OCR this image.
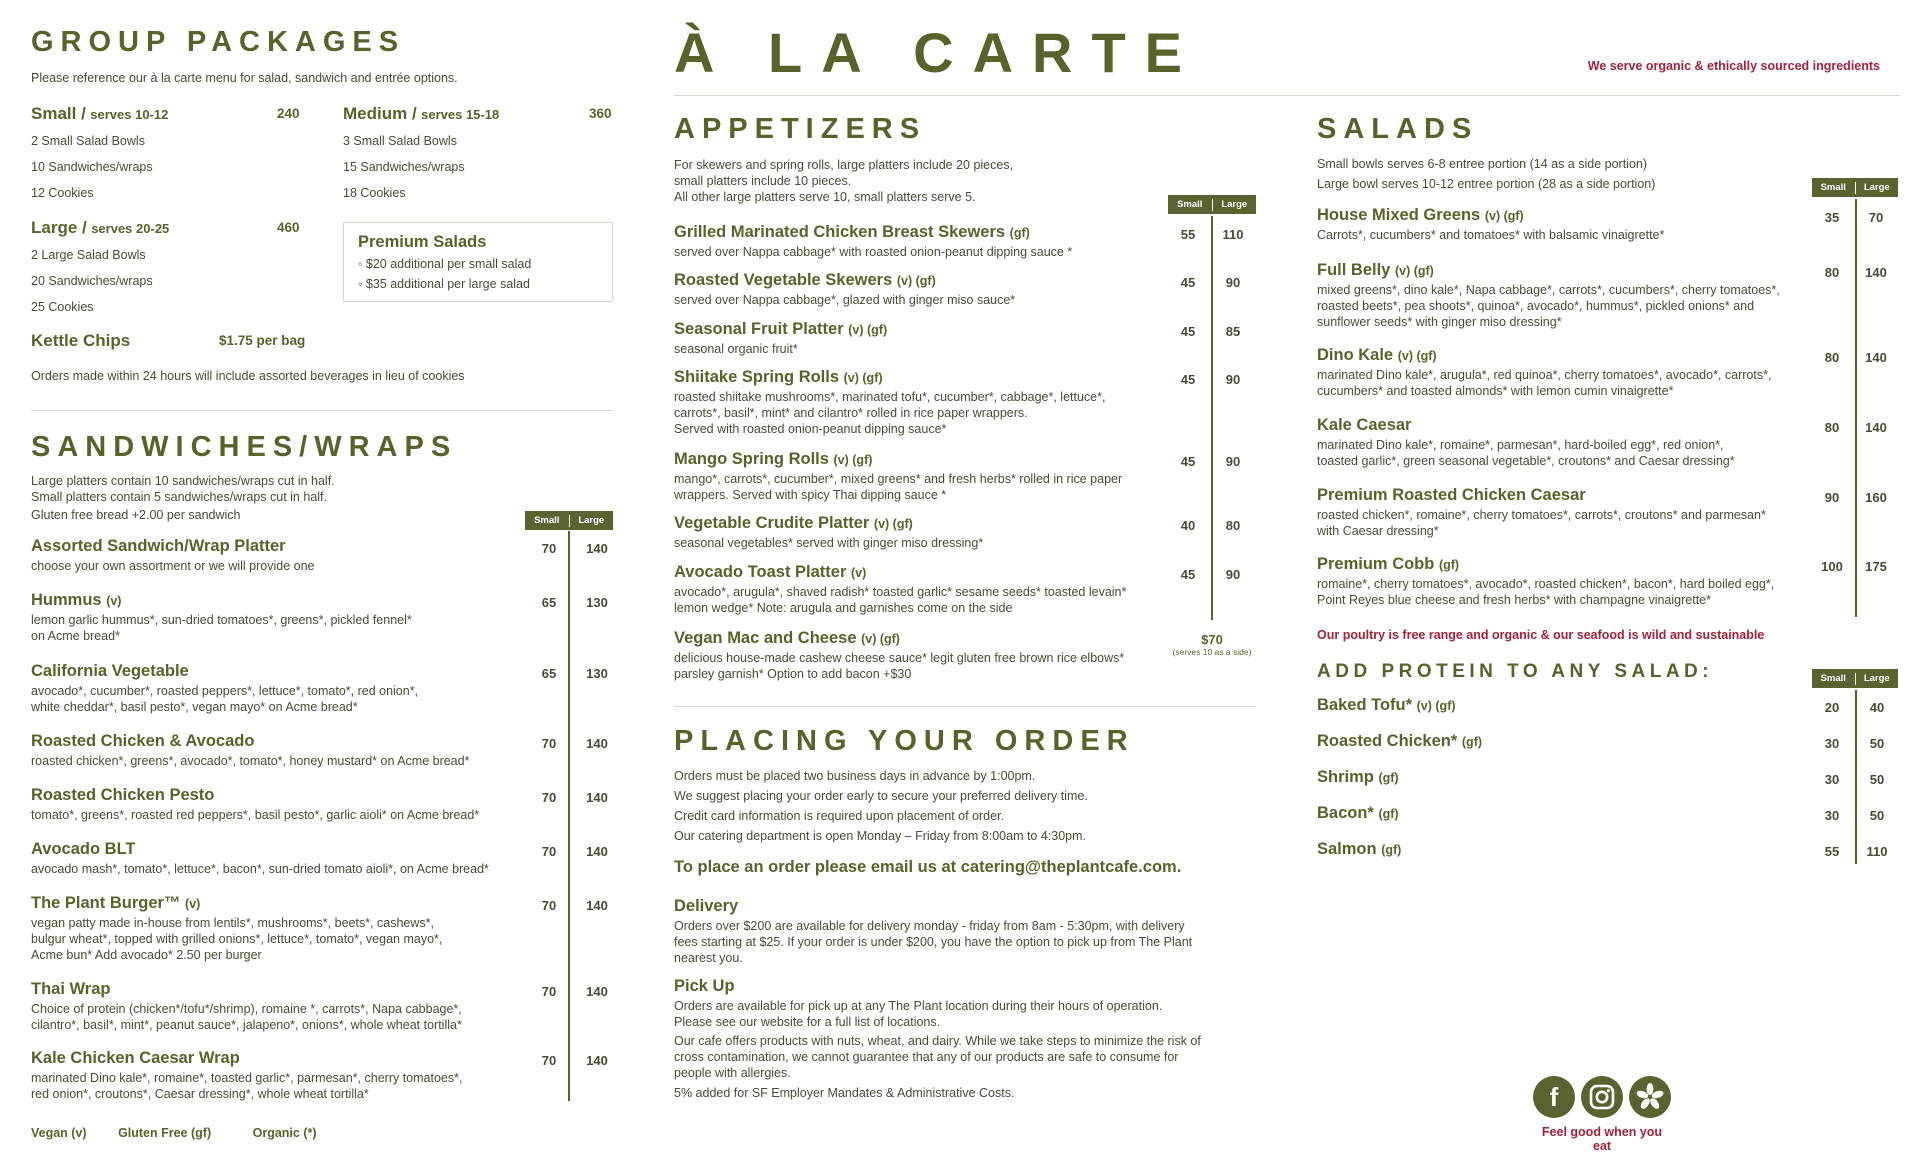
GROUP PACKAGES
Please reference our à la carte menu for salad, sandwich and entrée options.
Small / serves 10-12	240
2 Small Salad Bowls
10 Sandwiches/wraps
12 Cookies
Medium / serves 15-18	360
3 Small Salad Bowls
15 Sandwiches/wraps
18 Cookies
Large / serves 20-25	460
2 Large Salad Bowls
20 Sandwiches/wraps
25 Cookies
Premium Salads
◦ $20 additional per small salad
◦ $35 additional per large salad
Kettle Chips	$1.75 per bag
Orders made within 24 hours will include assorted beverages in lieu of cookies
SANDWICHES/WRAPS
Large platters contain 10 sandwiches/wraps cut in half.
Small platters contain 5 sandwiches/wraps cut in half.
Gluten free bread +2.00 per sandwich	Small	Large
Assorted Sandwich/Wrap Platter
choose your own assortment or we will provide one
70	140
Hummus (v)
lemon garlic hummus*, sun-dried tomatoes*, greens*, pickled fennel*
on Acme bread*
65	130
California Vegetable
avocado*, cucumber*, roasted peppers*, lettuce*, tomato*, red onion*,
white cheddar*, basil pesto*, vegan mayo* on Acme bread*
65	130
Roasted Chicken & Avocado
roasted chicken*, greens*, avocado*, tomato*, honey mustard* on Acme bread*
70	140
Roasted Chicken Pesto
tomato*, greens*, roasted red peppers*, basil pesto*, garlic aioli* on Acme bread*
70	140
Avocado BLT
avocado mash*, tomato*, lettuce*, bacon*, sun-dried tomato aioli*, on Acme bread*
70	140
The Plant Burger™ (v)
vegan patty made in-house from lentils*, mushrooms*, beets*, cashews*,
bulgur wheat*, topped with grilled onions*, lettuce*, tomato*, vegan mayo*,
Acme bun* Add avocado* 2.50 per burger
70	140
Thai Wrap
Choice of protein (chicken*/tofu*/shrimp), romaine *, carrots*, Napa cabbage*,
cilantro*, basil*, mint*, peanut sauce*, jalapeno*, onions*, whole wheat tortilla*
70	140
Kale Chicken Caesar Wrap
marinated Dino kale*, romaine*, toasted garlic*, parmesan*, cherry tomatoes*,
red onion*, croutons*, Caesar dressing*, whole wheat tortilla*
70	140
Vegan (v)	Gluten Free (gf)	Organic (*)
À LA CARTE
APPETIZERS
For skewers and spring rolls, large platters include 20 pieces,
small platters include 10 pieces.
All other large platters serve 10, small platters serve 5.
Small	Large
Grilled Marinated Chicken Breast Skewers (gf)
served over Nappa cabbage* with roasted onion-peanut dipping sauce *
55	110
Roasted Vegetable Skewers (v) (gf)
served over Nappa cabbage*, glazed with ginger miso sauce*
45	90
Seasonal Fruit Platter (v) (gf)
seasonal organic fruit*
45	85
Shiitake Spring Rolls (v) (gf)
roasted shiitake mushrooms*, marinated tofu*, cucumber*, cabbage*, lettuce*,
carrots*, basil*, mint* and cilantro* rolled in rice paper wrappers.
Served with roasted onion-peanut dipping sauce*
45	90
Mango Spring Rolls (v) (gf)
mango*, carrots*, cucumber*, mixed greens* and fresh herbs* rolled in rice paper
wrappers. Served with spicy Thai dipping sauce *
45	90
Vegetable Crudite Platter (v) (gf)
seasonal vegetables* served with ginger miso dressing*
40	80
Avocado Toast Platter (v)
avocado*, arugula*, shaved radish* toasted garlic* sesame seeds* toasted levain*
lemon wedge* Note: arugula and garnishes come on the side
45	90
Vegan Mac and Cheese (v) (gf)
delicious house-made cashew cheese sauce* legit gluten free brown rice elbows*
parsley garnish* Option to add bacon +$30
$70
(serves 10 as a side)
PLACING YOUR ORDER
Orders must be placed two business days in advance by 1:00pm.
We suggest placing your order early to secure your preferred delivery time.
Credit card information is required upon placement of order.
Our catering department is open Monday – Friday from 8:00am to 4:30pm.
To place an order please email us at catering@theplantcafe.com.
Delivery
Orders over $200 are available for delivery monday - friday from 8am - 5:30pm, with delivery
fees starting at $25. If your order is under $200, you have the option to pick up from The Plant
nearest you.
Pick Up
Orders are available for pick up at any The Plant location during their hours of operation.
Please see our website for a full list of locations.
Our cafe offers products with nuts, wheat, and dairy. While we take steps to minimize the risk of
cross contamination, we cannot guarantee that any of our products are safe to consume for
people with allergies.
5% added for SF Employer Mandates & Administrative Costs.
We serve organic & ethically sourced ingredients
SALADS
Small bowls serves 6-8 entree portion (14 as a side portion)
Large bowl serves 10-12 entree portion (28 as a side portion)	Small	Large
House Mixed Greens (v) (gf)
Carrots*, cucumbers* and tomatoes* with balsamic vinaigrette*
35	70
Full Belly (v) (gf)
mixed greens*, dino kale*, Napa cabbage*, carrots*, cucumbers*, cherry tomatoes*,
roasted beets*, pea shoots*, quinoa*, avocado*, hummus*, pickled onions* and
sunflower seeds* with ginger miso dressing*
80	140
Dino Kale (v) (gf)
marinated Dino kale*, arugula*, red quinoa*, cherry tomatoes*, avocado*, carrots*,
cucumbers* and toasted almonds* with lemon cumin vinaigrette*
80	140
Kale Caesar
marinated Dino kale*, romaine*, parmesan*, hard-boiled egg*, red onion*,
toasted garlic*, green seasonal vegetable*, croutons* and Caesar dressing*
80	140
Premium Roasted Chicken Caesar
roasted chicken*, romaine*, cherry tomatoes*, carrots*, croutons* and parmesan*
with Caesar dressing*
90	160
Premium Cobb (gf)
romaine*, cherry tomatoes*, avocado*, roasted chicken*, bacon*, hard boiled egg*,
Point Reyes blue cheese and fresh herbs* with champagne vinaigrette*
100	175
Our poultry is free range and organic & our seafood is wild and sustainable
ADD PROTEIN TO ANY SALAD:	Small	Large
Baked Tofu* (v) (gf)	20	40
Roasted Chicken* (gf)	30	50
Shrimp (gf)	30	50
Bacon* (gf)	30	50
Salmon (gf)	55	110
f
Feel good when you eat
